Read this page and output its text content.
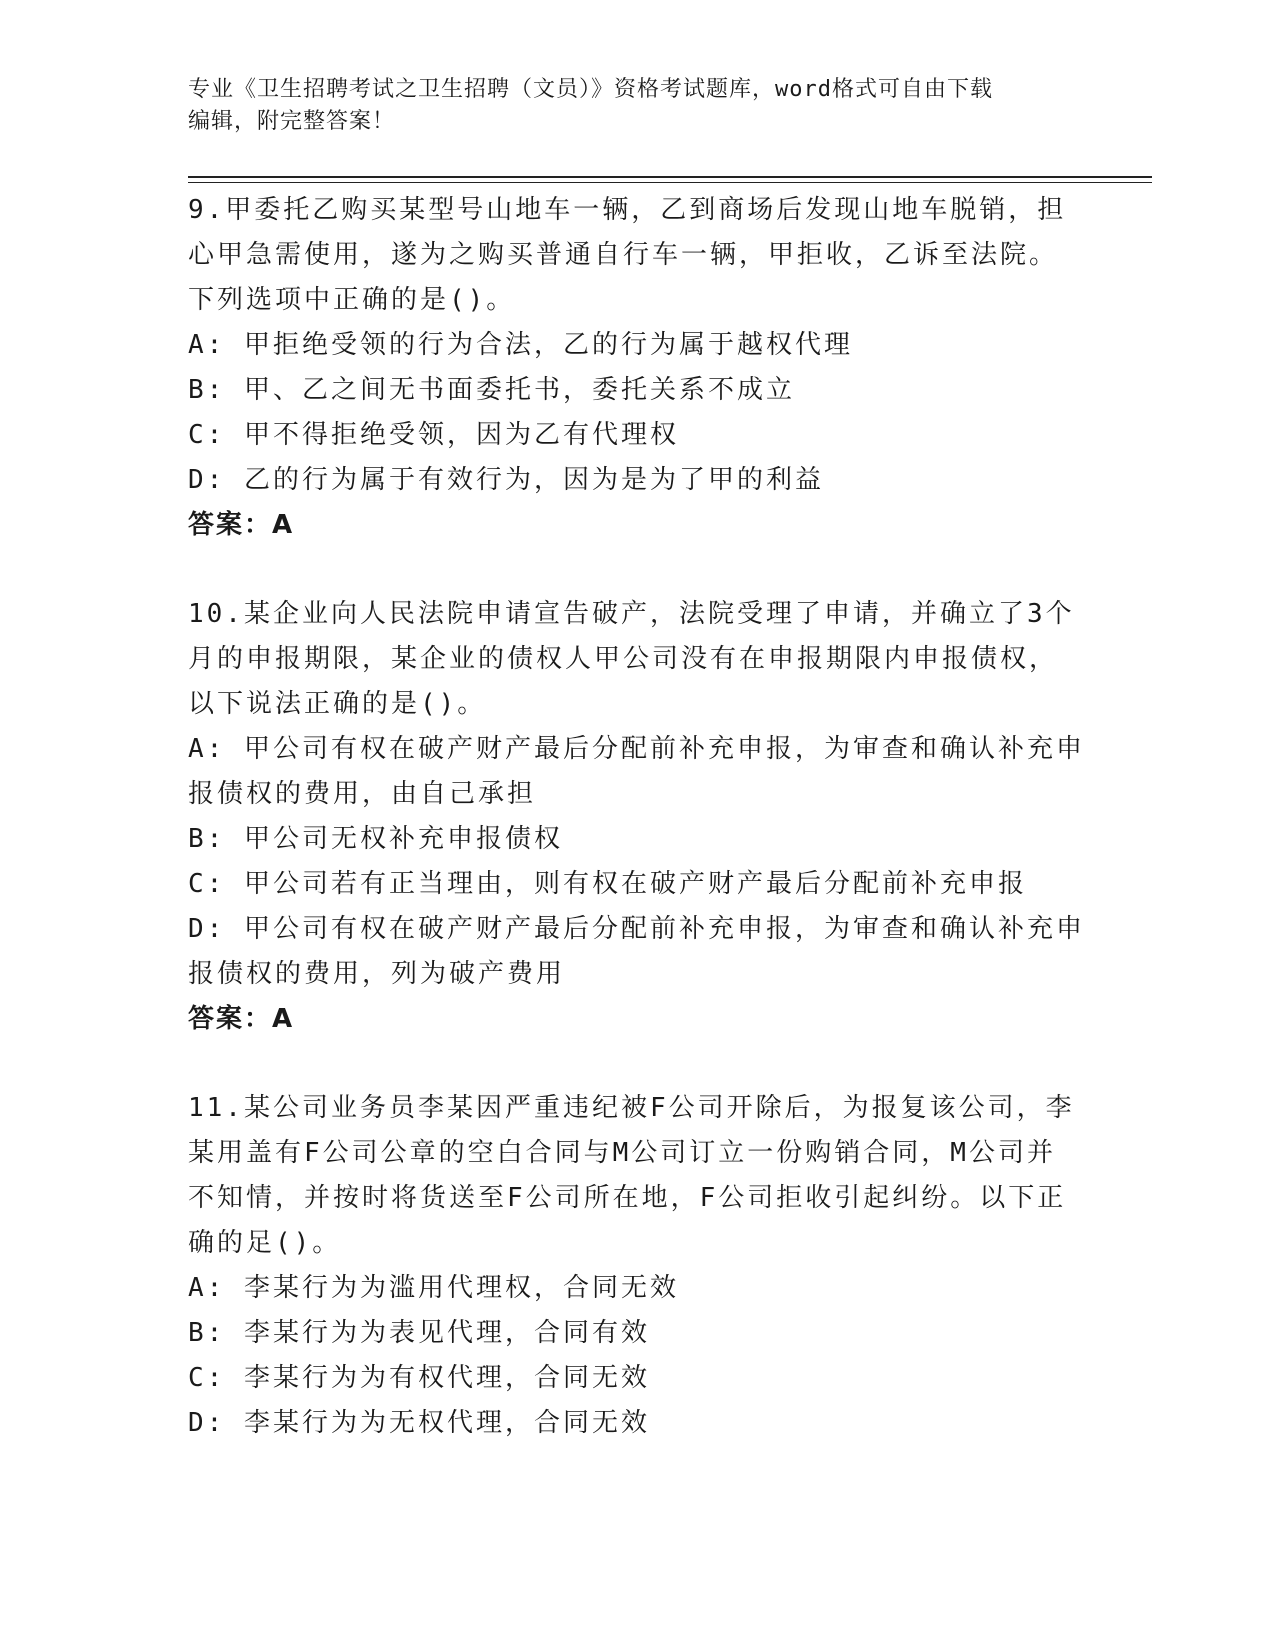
专业《卫生招聘考试之卫生招聘（文员）》资格考试题库，word格式可自由下载
编辑，附完整答案！
9.甲委托乙购买某型号山地车一辆，乙到商场后发现山地车脱销，担
心甲急需使用，遂为之购买普通自行车一辆，甲拒收，乙诉至法院。
下列选项中正确的是()。
A: 甲拒绝受领的行为合法，乙的行为属于越权代理
B: 甲、乙之间无书面委托书，委托关系不成立
C: 甲不得拒绝受领，因为乙有代理权
D: 乙的行为属于有效行为，因为是为了甲的利益
答案：A
10.某企业向人民法院申请宣告破产，法院受理了申请，并确立了3个
月的申报期限，某企业的债权人甲公司没有在申报期限内申报债权，
以下说法正确的是()。
A: 甲公司有权在破产财产最后分配前补充申报，为审查和确认补充申
报债权的费用，由自己承担
B: 甲公司无权补充申报债权
C: 甲公司若有正当理由，则有权在破产财产最后分配前补充申报
D: 甲公司有权在破产财产最后分配前补充申报，为审查和确认补充申
报债权的费用，列为破产费用
答案：A
11.某公司业务员李某因严重违纪被F公司开除后，为报复该公司，李
某用盖有F公司公章的空白合同与M公司订立一份购销合同，M公司并
不知情，并按时将货送至F公司所在地，F公司拒收引起纠纷。以下正
确的足()。
A: 李某行为为滥用代理权，合同无效
B: 李某行为为表见代理，合同有效
C: 李某行为为有权代理，合同无效
D: 李某行为为无权代理，合同无效
